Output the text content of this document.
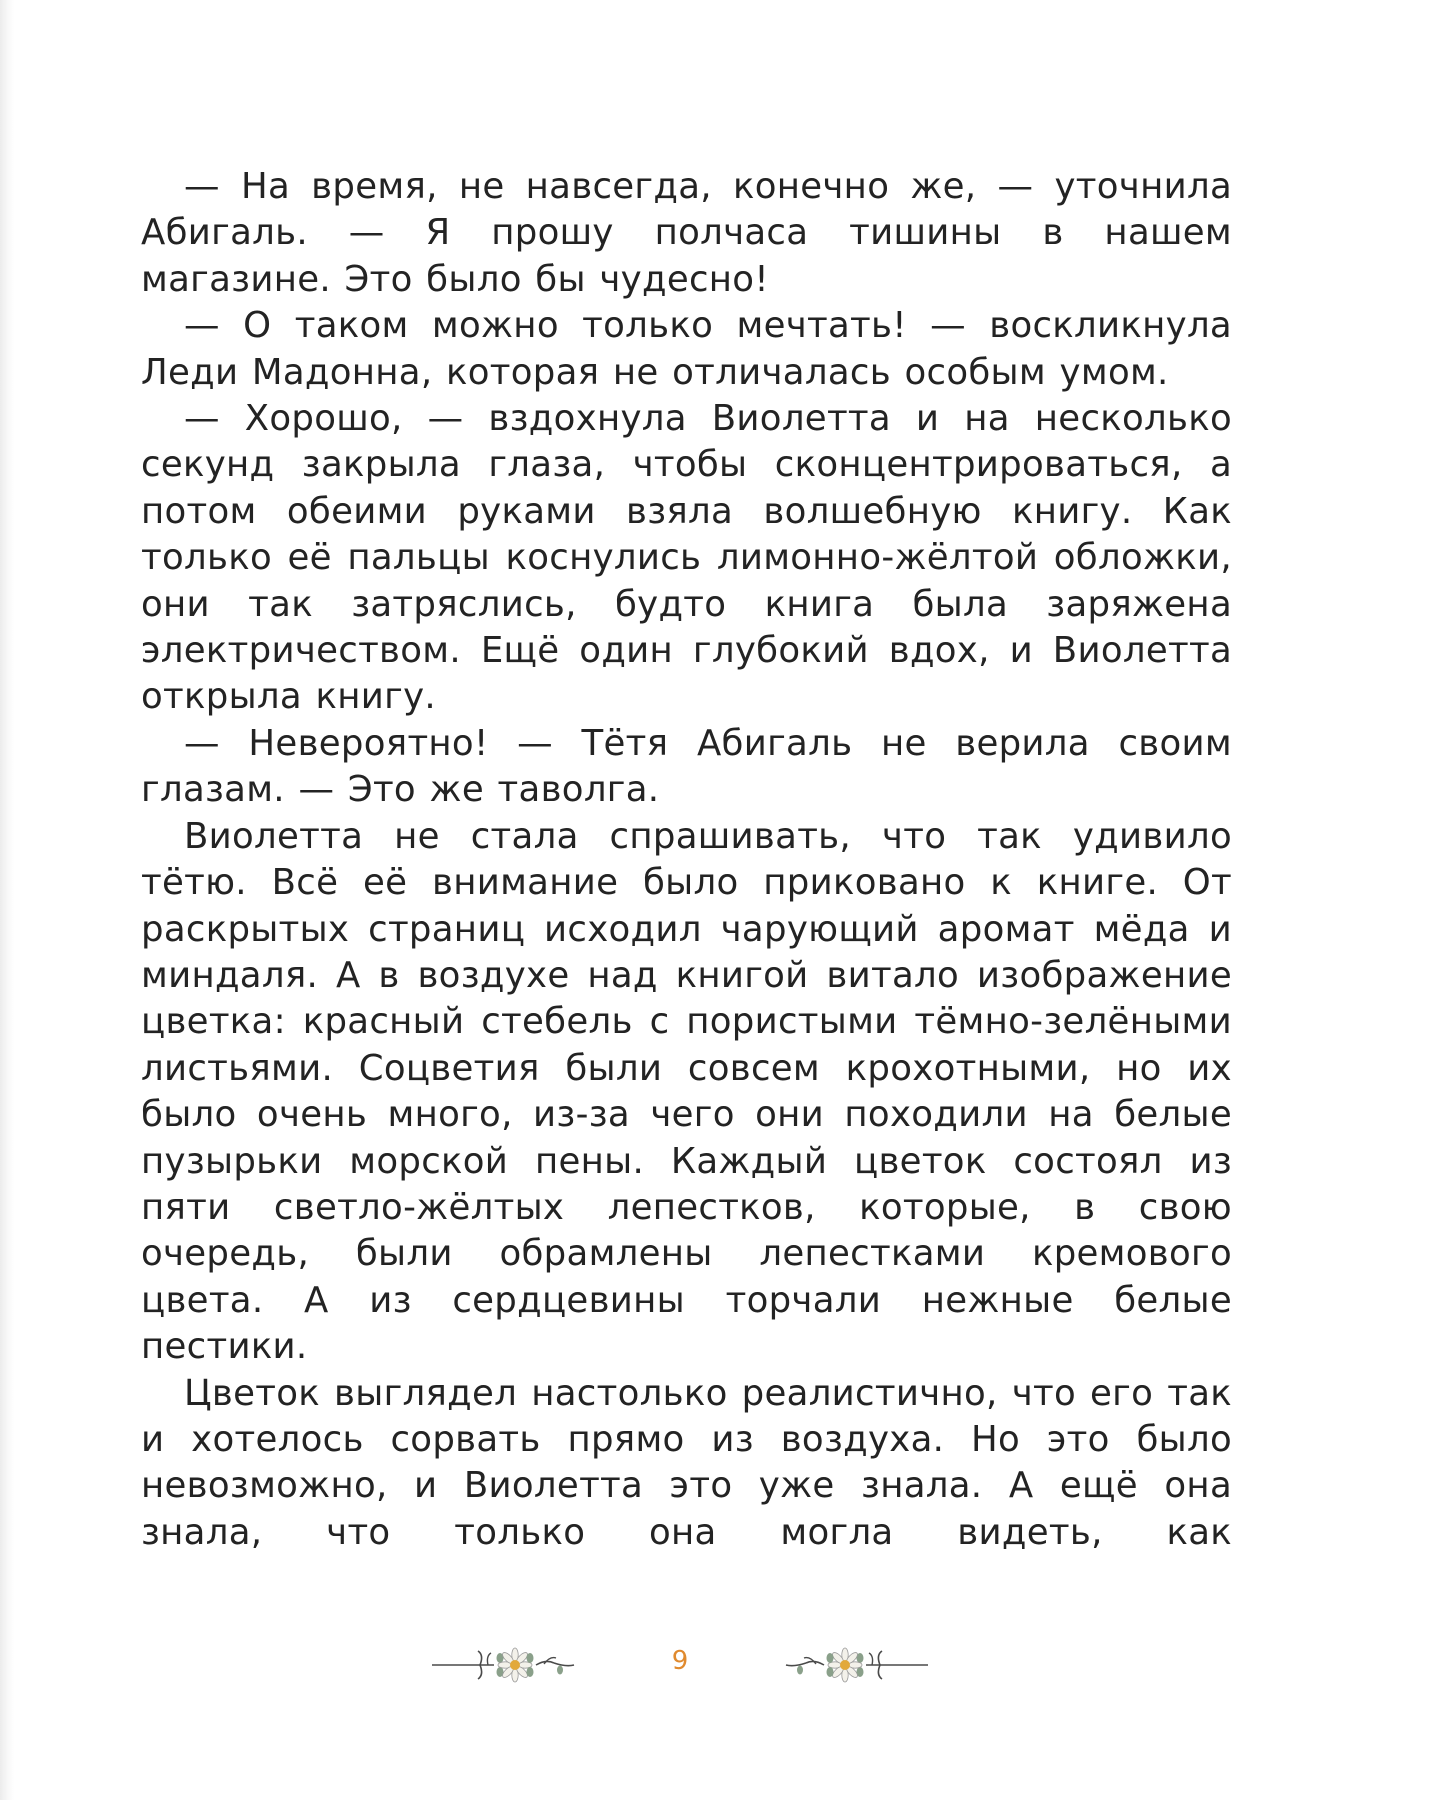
— На время, не навсегда, конечно же, — уточнила Абигаль. — Я прошу полчаса тишины в нашем магазине. Это было бы чудесно!

— О таком можно только мечтать! — воскликнула Леди Мадонна, которая не отличалась особым умом.

— Хорошо, — вздохнула Виолетта и на несколько секунд закрыла глаза, чтобы сконцентрироваться, а потом обеими руками взяла волшебную книгу. Как только её пальцы коснулись лимонно-жёлтой обложки, они так затряслись, будто книга была заряжена электричеством. Ещё один глубокий вдох, и Виолетта открыла книгу.

— Невероятно! — Тётя Абигаль не верила своим глазам. — Это же таволга.

Виолетта не стала спрашивать, что так удивило тётю. Всё её внимание было приковано к книге. От раскрытых страниц исходил чарующий аромат мёда и миндаля. А в воздухе над книгой витало изображение цветка: красный стебель с пористыми тёмно-зелёными листьями. Соцветия были совсем крохотными, но их было очень много, из-за чего они походили на белые пузырьки морской пены. Каждый цветок состоял из пяти светло-жёлтых лепестков, которые, в свою очередь, были обрамлены лепестками кремового цвета. А из сердцевины торчали нежные белые пестики.

Цветок выглядел настолько реалистично, что его так и хотелось сорвать прямо из воздуха. Но это было невозможно, и Виолетта это уже знала. А ещё она знала, что только она могла видеть, как

9
